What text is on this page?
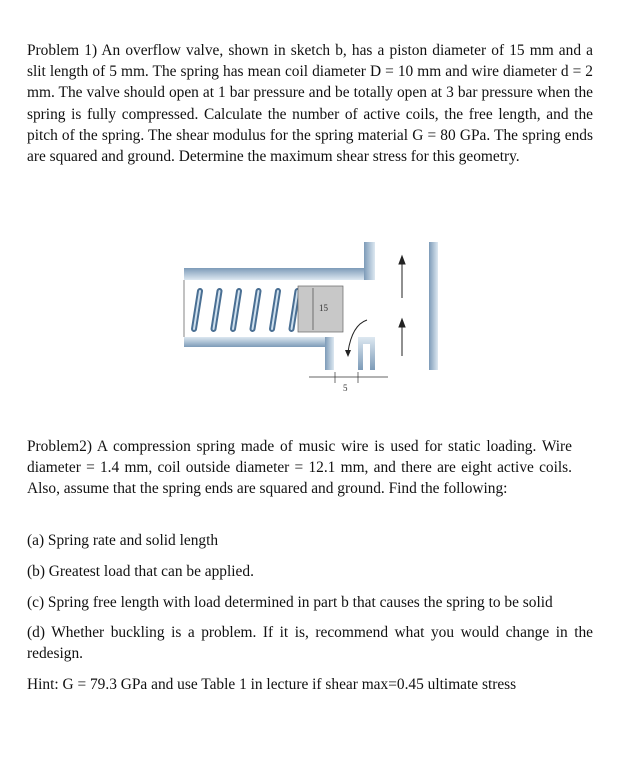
Problem 1) An overflow valve, shown in sketch b, has a piston diameter of 15 mm and a slit length of 5 mm. The spring has mean coil diameter D = 10 mm and wire diameter d = 2 mm. The valve should open at 1 bar pressure and be totally open at 3 bar pressure when the spring is fully compressed. Calculate the number of active coils, the free length, and the pitch of the spring. The shear modulus for the spring material G = 80 GPa. The spring ends are squared and ground. Determine the maximum shear stress for this geometry.

15
5

Problem2) A compression spring made of music wire is used for static loading. Wire diameter = 1.4 mm, coil outside diameter = 12.1 mm, and there are eight active coils. Also, assume that the spring ends are squared and ground. Find the following:

(a) Spring rate and solid length

(b) Greatest load that can be applied.

(c) Spring free length with load determined in part b that causes the spring to be solid

(d) Whether buckling is a problem. If it is, recommend what you would change in the redesign.

Hint: G = 79.3 GPa and use Table 1 in lecture if shear max=0.45 ultimate stress
